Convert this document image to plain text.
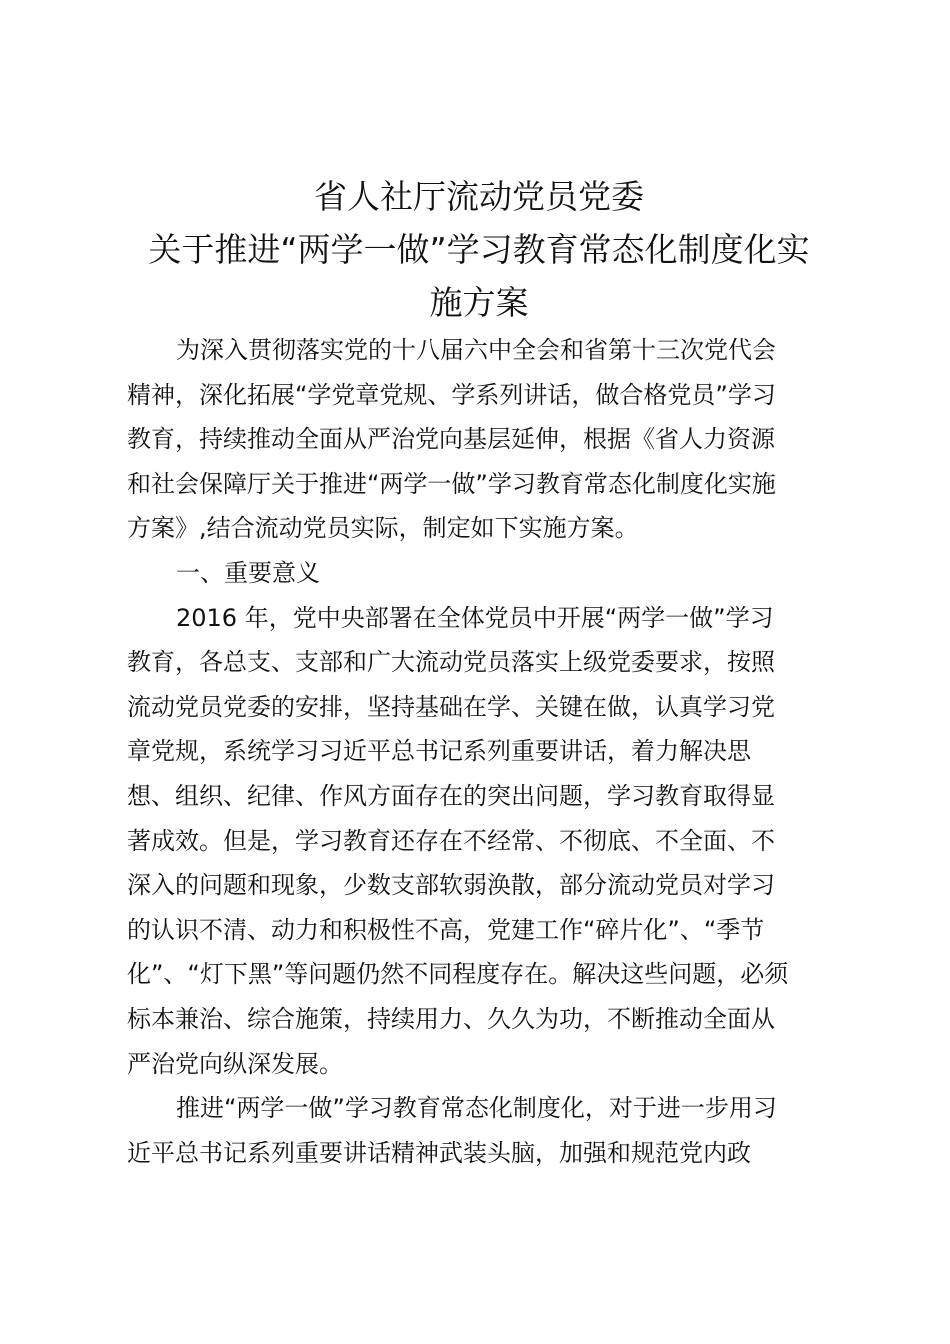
省人社厅流动党员党委
关于推进“两学一做”学习教育常态化制度化实
施方案
为深入贯彻落实党的十八届六中全会和省第十三次党代会
精神，深化拓展“学党章党规、学系列讲话，做合格党员”学习
教育，持续推动全面从严治党向基层延伸，根据《省人力资源
和社会保障厅关于推进“两学一做”学习教育常态化制度化实施
方案》,结合流动党员实际，制定如下实施方案。
一、重要意义
2016 年，党中央部署在全体党员中开展“两学一做”学习
教育，各总支、支部和广大流动党员落实上级党委要求，按照
流动党员党委的安排，坚持基础在学、关键在做，认真学习党
章党规，系统学习习近平总书记系列重要讲话，着力解决思
想、组织、纪律、作风方面存在的突出问题，学习教育取得显
著成效。但是，学习教育还存在不经常、不彻底、不全面、不
深入的问题和现象，少数支部软弱涣散，部分流动党员对学习
的认识不清、动力和积极性不高，党建工作“碎片化”、“季节
化”、“灯下黑”等问题仍然不同程度存在。解决这些问题，必须
标本兼治、综合施策，持续用力、久久为功，不断推动全面从
严治党向纵深发展。
推进“两学一做”学习教育常态化制度化，对于进一步用习
近平总书记系列重要讲话精神武装头脑，加强和规范党内政
